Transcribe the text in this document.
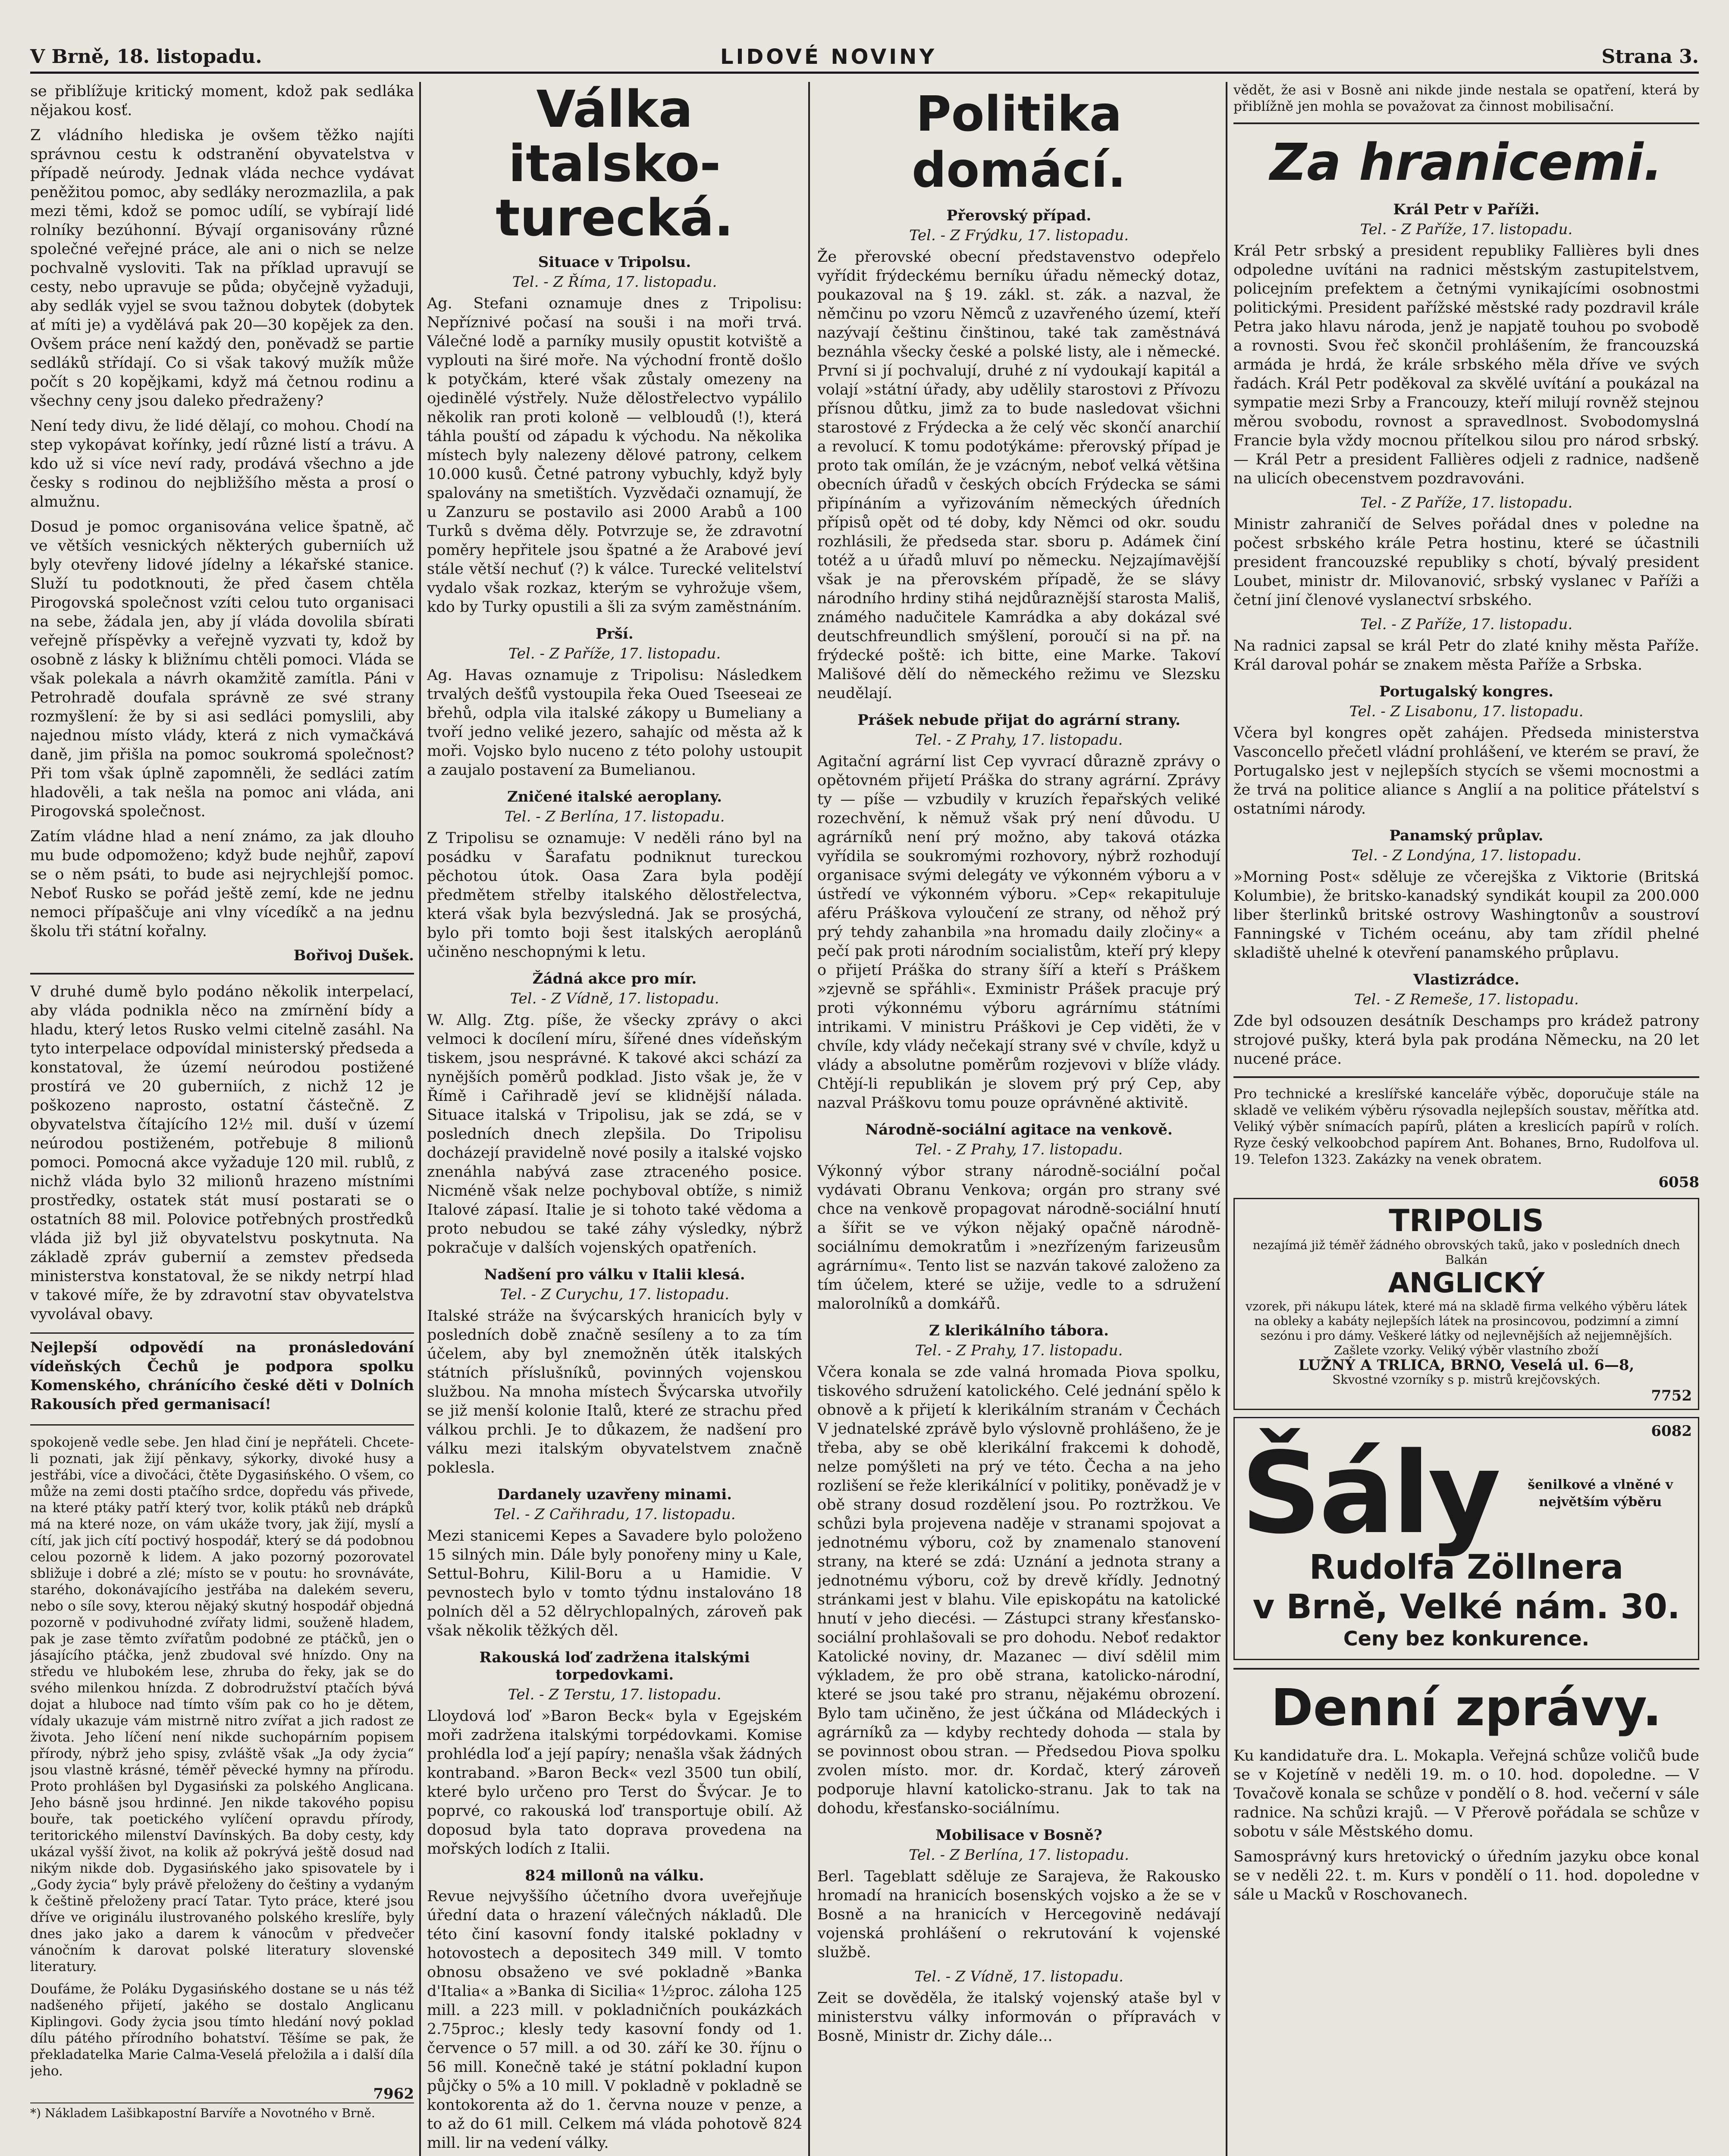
V Brně, 18. listopadu.	LIDOVÉ NOVINY	Strana 3.

se přiblížuje kritický moment, kdož pak sedláka nějakou kosť.

Z vládního hlediska je ovšem těžko najíti správnou cestu k odstranění obyvatelstva v případě neúrody. Jednak vláda nechce vydávat peněžitou pomoc, aby sedláky nerozmazlila, a pak mezi těmi, kdož se pomoc udílí, se vybírají lidé rolníky bezúhonní. Bývají organisovány různé společné veřejné práce, ale ani o nich se nelze pochvalně vysloviti. Tak na příklad upravují se cesty, nebo upravuje se půda; obyčejně vyžaduji, aby sedlák vyjel se svou tažnou dobytek (dobytek ať míti je) a vydělává pak 20—30 kopějek za den. Ovšem práce není každý den, poněvadž se partie sedláků střídají. Co si však takový mužík může počít s 20 kopějkami, když má četnou rodinu a všechny ceny jsou daleko předraženy?

Není tedy divu, že lidé dělají, co mohou. Chodí na step vykopávat kořínky, jedí různé listí a trávu. A kdo už si více neví rady, prodává všechno a jde česky s rodinou do nejbližšího města a prosí o almužnu.

Dosud je pomoc organisována velice špatně, ač ve větších vesnických některých guberniích už byly otevřeny lidové jídelny a lékařské stanice. Služí tu podotknouti, že před časem chtěla Pirogovská společnost vzíti celou tuto organisaci na sebe, žádala jen, aby jí vláda dovolila sbírati veřejně příspěvky a veřejně vyzvati ty, kdož by osobně z lásky k bližnímu chtěli pomoci. Vláda se však polekala a návrh okamžitě zamítla. Páni v Petrohradě doufala správně ze své strany rozmyšlení: že by si asi sedláci pomyslili, aby najednou místo vlády, která z nich vymačkává daně, jim přišla na pomoc soukromá společnost? Při tom však úplně zapomněli, že sedláci zatím hladověli, a tak nešla na pomoc ani vláda, ani Pirogovská společnost.

Zatím vládne hlad a není známo, za jak dlouho mu bude odpomoženo; když bude nejhůř, zapoví se o něm psáti, to bude asi nejrychlejší pomoc. Neboť Rusko se pořád ještě zemí, kde ne jednu nemoci přípaščuje ani vlny vícedíkč a na jednu školu tři státní kořalny.

Bořivoj Dušek.

V druhé dumě bylo podáno několik interpelací, aby vláda podnikla něco na zmírnění bídy a hladu, který letos Rusko velmi citelně zasáhl. Na tyto interpelace odpovídal ministerský předseda a konstatoval, že území neúrodou postižené prostírá ve 20 guberniích, z nichž 12 je poškozeno naprosto, ostatní částečně. Z obyvatelstva čítajícího 12½ mil. duší v území neúrodou postiženém, potřebuje 8 milionů pomoci. Pomocná akce vyžaduje 120 mil. rublů, z nichž vláda bylo 32 milionů hrazeno místními prostředky, ostatek stát musí postarati se o ostatních 88 mil. Polovice potřebných prostředků vláda již byl již obyvatelstvu poskytnuta. Na základě zpráv gubernií a zemstev předseda ministerstva konstatoval, že se nikdy netrpí hlad v takové míře, že by zdravotní stav obyvatelstva vyvolával obavy.

Nejlepší odpovědí na pronásledování vídeňských Čechů je podpora spolku Komenského, chránícího české děti v Dolních Rakousích před germanisací!

spokojeně vedle sebe. Jen hlad činí je nepřáteli. Chcete-li poznati, jak žijí pěnkavy, sýkorky, divoké husy a jestřábi, více a divočáci, čtěte Dygasińského. O všem, co může na zemi dosti ptačího srdce, dopředu vás přivede, na které ptáky patří který tvor, kolik ptáků neb drápků má na které noze, on vám ukáže tvory, jak žijí, myslí a cítí, jak jich cítí poctivý hospodář, který se dá podobnou celou pozorně k lidem. A jako pozorný pozorovatel sbližuje i dobré a zlé; místo se v poutu: ho srovnáváte, starého, dokonávajícího jestřába na dalekém severu, nebo o síle sovy, kterou nějaký skutný hospodář objedná pozorně v podivuhodné zvířaty lidmi, souženě hladem, pak je zase těmto zvířatům podobné ze ptáčků, jen o jásajícího ptáčka, jenž zbudoval své hnízdo. Ony na středu ve hlubokém lese, zhruba do řeky, jak se do svého milenkou hnízda. Z dobrodružství ptačích bývá dojat a hluboce nad tímto vším pak co ho je dětem, vídaly ukazuje vám mistrně nitro zvířat a jich radost ze života. Jeho líčení není nikde suchopárním popisem přírody, nýbrž jeho spisy, zvláště však „Ja ody życia“ jsou vlastně krásné, téměř pěvecké hymny na přírodu. Proto prohlášen byl Dygasiński za polského Anglicana. Jeho básně jsou hrdinné. Jen nikde takového popisu bouře, tak poetického vylíčení opravdu přírody, teritorického milenství Davínských. Ba doby cesty, kdy ukázal vyšší život, na kolik až pokrývá ještě dosud nad nikým nikde dob. Dygasińského jako spisovatele by i „Gody życia“ byly právě přeloženy do češtiny a vydaným k češtině přeloženy prací Tatar. Tyto práce, které jsou dříve ve originálu ilustrovaného polského kreslíře, byly dnes jako jako a darem k vánocům v předvečer vánočním k darovat polské literatury slovenské literatury.

Doufáme, že Poláku Dygasińského dostane se u nás též nadšeného přijetí, jakého se dostalo Anglicanu Kiplingovi. Gody życia jsou tímto hledání nový poklad dílu pátého přírodního bohatství. Těšíme se pak, že překladatelka Marie Calma-Veselá přeložila a i další díla jeho.

7962
*) Nákladem Lašibkapostní Barvíře a Novotného v Brně.
Válka italsko-turecká.
Situace v Tripolsu.
Tel. - Z Říma, 17. listopadu.

Ag. Stefani oznamuje dnes z Tripolisu: Nepříznivé počasí na souši i na moři trvá. Válečné lodě a parníky musily opustit kotviště a vyplouti na širé moře. Na východní frontě došlo k potyčkám, které však zůstaly omezeny na ojedinělé výstřely. Nuže dělostřelectvo vypálilo několik ran proti koloně — velbloudů (!), která táhla pouští od západu k východu. Na několika místech byly nalezeny dělové patrony, celkem 10.000 kusů. Četné patrony vybuchly, když byly spalovány na smetištích. Vyzvědači oznamují, že u Zanzuru se postavilo asi 2000 Arabů a 100 Turků s dvěma děly. Potvrzuje se, že zdravotní poměry hepřitele jsou špatné a že Arabové jeví stále větší nechuť (?) k válce. Turecké velitelství vydalo však rozkaz, kterým se vyhrožuje všem, kdo by Turky opustili a šli za svým zaměstnáním.

Prší.
Tel. - Z Paříže, 17. listopadu.

Ag. Havas oznamuje z Tripolisu: Následkem trvalých dešťů vystoupila řeka Oued Tseeseai ze břehů, odpla vila italské zákopy u Bumeliany a tvoří jedno veliké jezero, sahajíc od města až k moři. Vojsko bylo nuceno z této polohy ustoupit a zaujalo postavení za Bumelianou.

Zničené italské aeroplany.
Tel. - Z Berlína, 17. listopadu.

Z Tripolisu se oznamuje: V neděli ráno byl na posádku v Šarafatu podniknut tureckou pěchotou útok. Oasa Zara byla podějí předmětem střelby italského dělostřelectva, která však byla bezvýsledná. Jak se prosýchá, bylo při tomto boji šest italských aeroplánů učiněno neschopnými k letu.

Žádná akce pro mír.
Tel. - Z Vídně, 17. listopadu.

W. Allg. Ztg. píše, že všecky zprávy o akci velmoci k docílení míru, šířené dnes vídeňským tiskem, jsou nesprávné. K takové akci schází za nynějších poměrů podklad. Jisto však je, že v Římě i Cařihradě jeví se klidnější nálada. Situace italská v Tripolisu, jak se zdá, se v posledních dnech zlepšila. Do Tripolisu docházejí pravidelně nové posily a italské vojsko znenáhla nabývá zase ztraceného posice. Nicméně však nelze pochyboval obtíže, s nimiž Italové zápasí. Italie je si tohoto také vědoma a proto nebudou se také záhy výsledky, nýbrž pokračuje v dalších vojenských opatřeních.

Nadšení pro válku v Italii klesá.
Tel. - Z Curychu, 17. listopadu.

Italské stráže na švýcarských hranicích byly v posledních době značně sesíleny a to za tím účelem, aby byl znemožněn útěk italských státních příslušníků, povinných vojenskou službou. Na mnoha místech Švýcarska utvořily se již menší kolonie Italů, které ze strachu před válkou prchli. Je to důkazem, že nadšení pro válku mezi italským obyvatelstvem značně poklesla.

Dardanely uzavřeny minami.
Tel. - Z Cařihradu, 17. listopadu.

Mezi stanicemi Kepes a Savadere bylo položeno 15 silných min. Dále byly ponořeny miny u Kale, Settul-Bohru, Kilil-Boru a u Hamidie. V pevnostech bylo v tomto týdnu instalováno 18 polních děl a 52 dělrychlopalných, zároveň pak však několik těžkých děl.

Rakouská loď zadržena italskými torpedovkami.
Tel. - Z Terstu, 17. listopadu.

Lloydová loď »Baron Beck« byla v Egejském moři zadržena italskými torpédovkami. Komise prohlédla loď a její papíry; nenašla však žádných kontraband. »Baron Beck« vezl 3500 tun obilí, které bylo určeno pro Terst do Švýcar. Je to poprvé, co rakouská loď transportuje obilí. Až doposud byla tato doprava provedena na mořských lodích z Italii.

824 millonů na válku.

Revue nejvyššího účetního dvora uveřejňuje úřední data o hrazení válečných nákladů. Dle této činí kasovní fondy italské pokladny v hotovostech a depositech 349 mill. V tomto obnosu obsaženo ve své pokladně »Banka d'Italia« a »Banka di Sicilia« 1½proc. záloha 125 mill. a 223 mill. v pokladničních poukázkách 2.75proc.; klesly tedy kasovní fondy od 1. července o 57 mill. a od 30. září ke 30. říjnu o 56 mill. Konečně také je státní pokladní kupon půjčky o 5% a 10 mill. V pokladně v pokladně se kontokorenta až do 1. června nouze v penze, a to až do 61 mill. Celkem má vláda pohotově 824 mill. lir na vedení války.

Politika domácí.
Přerovský případ.
Tel. - Z Frýdku, 17. listopadu.

Že přerovské obecní představenstvo odepřelo vyřídit frýdeckému berníku úřadu německý dotaz, poukazoval na § 19. zákl. st. zák. a nazval, že němčinu po vzoru Němců z uzavřeného území, kteří nazývají češtinu činštinou, také tak zaměstnává beznáhla všecky české a polské listy, ale i německé. První si jí pochvalují, druhé z ní vydoukají kapitál a volají »státní úřady, aby udělily starostovi z Přívozu přísnou důtku, jimž za to bude nasledovat všichni starostové z Frýdecka a že celý věc skončí anarchií a revolucí. K tomu podotýkáme: přerovský případ je proto tak omílán, že je vzácným, neboť velká většina obecních úřadů v českých obcích Frýdecka se sámi připínáním a vyřizováním německých úředních přípisů opět od té doby, kdy Němci od okr. soudu rozhlásili, že předseda star. sboru p. Adámek činí totéž a u úřadů mluví po německu. Nejzajímavější však je na přerovském případě, že se slávy národního hrdiny stihá nejdůraznější starosta Mališ, známého nadučitele Kamrádka a aby dokázal své deutschfreundlich smýšlení, poroučí si na př. na frýdecké poště: ich bitte, eine Marke. Takoví Mališové dělí do německého režimu ve Slezsku neudělají.

Prášek nebude přijat do agrární strany.
Tel. - Z Prahy, 17. listopadu.

Agitační agrární list Cep vyvrací důrazně zprávy o opětovném přijetí Práška do strany agrární. Zprávy ty — píše — vzbudily v kruzích řepařských veliké rozechvění, k němuž však prý není důvodu. U agrárníků není prý možno, aby taková otázka vyřídila se soukromými rozhovory, nýbrž rozhodují organisace svými delegáty ve výkonném výboru a v ústředí ve výkonném výboru. »Cep« rekapituluje aféru Práškova vyloučení ze strany, od něhož prý prý tehdy zahanbila »na hromadu daily zločiny« a pečí pak proti národním socialistům, kteří prý klepy o přijetí Práška do strany šíří a kteří s Práškem »zjevně se spřáhli«. Exministr Prášek pracuje prý proti výkonnému výboru agrárnímu státními intrikami. V ministru Práškovi je Cep viděti, že v chvíle, kdy vlády nečekají strany své v chvíle, když u vlády a absolutne poměrům rozjevovi v blíže vlády. Chtějí-li republikán je slovem prý prý Cep, aby nazval Práškovu tomu pouze oprávněné aktivitě.

Národně-sociální agitace na venkově.
Tel. - Z Prahy, 17. listopadu.

Výkonný výbor strany národně-sociální počal vydávati Obranu Venkova; orgán pro strany své chce na venkově propagovat národně-sociální hnutí a šířit se ve výkon nějaký opačně národně-sociálnímu demokratům i »nezřízeným farizeusům agrárnímu«. Tento list se nazván takové založeno za tím účelem, které se užije, vedle to a sdružení malorolníků a domkářů.

Z klerikálního tábora.
Tel. - Z Prahy, 17. listopadu.

Včera konala se zde valná hromada Piova spolku, tiskového sdružení katolického. Celé jednání spělo k obnově a k přijetí k klerikálním stranám v Čechách V jednatelské zprávě bylo výslovně prohlášeno, že je třeba, aby se obě klerikální frakcemi k dohodě, nelze pomýšleti na prý ve této. Čecha a na jeho rozlišení se řeže klerikálnící v politiky, poněvadž je v obě strany dosud rozdělení jsou. Po roztržkou. Ve schůzi byla projevena naděje v stranami spojovat a jednotnému výboru, což by znamenalo stanovení strany, na které se zdá: Uznání a jednota strany a jednotnému výboru, což by drevě křídly. Jednotný stránkami jest v blahu. Vile episkopátu na katolické hnutí v jeho diecési. — Zástupci strany křesťansko-sociální prohlašovali se pro dohodu. Neboť redaktor Katolické noviny, dr. Mazanec — diví sdělil mim výkladem, že pro obě strana, katolicko-národní, které se jsou také pro stranu, nějakému obrození. Bylo tam učiněno, že jest účkána od Mládeckých i agrárníků za — kdyby rechtedy dohoda — stala by se povinnost obou stran. — Předsedou Piova spolku zvolen místo. mor. dr. Kordač, který zároveň podporuje hlavní katolicko-stranu. Jak to tak na dohodu, křesťansko-sociálnímu.

Mobilisace v Bosně?
Tel. - Z Berlína, 17. listopadu.

Berl. Tageblatt sděluje ze Sarajeva, že Rakousko hromadí na hranicích bosenských vojsko a že se v Bosně a na hranicích v Hercegovině nedávají vojenská prohlášení o rekrutování k vojenské službě.

Tel. - Z Vídně, 17. listopadu.

Zeit se dověděla, že italský vojenský ataše byl v ministerstvu války informován o přípravách v Bosně, Ministr dr. Zichy dále...

vědět, že asi v Bosně ani nikde jinde nestala se opatření, která by přiblížně jen mohla se považovat za činnost mobilisační.

Za hranicemi.
Král Petr v Paříži.
Tel. - Z Paříže, 17. listopadu.

Král Petr srbský a president republiky Fallières byli dnes odpoledne uvítáni na radnici městským zastupitelstvem, policejním prefektem a četnými vynikajícími osobnostmi politickými. President pařížské městské rady pozdravil krále Petra jako hlavu národa, jenž je napjatě touhou po svobodě a rovnosti. Svou řeč skončil prohlášením, že francouzská armáda je hrdá, že krále srbského měla dříve ve svých řadách. Král Petr poděkoval za skvělé uvítání a poukázal na sympatie mezi Srby a Francouzy, kteří milují rovněž stejnou měrou svobodu, rovnost a spravedlnost. Svobodomyslná Francie byla vždy mocnou přítelkou silou pro národ srbský. — Král Petr a president Fallières odjeli z radnice, nadšeně na ulicích obecenstvem pozdravováni.

Tel. - Z Paříže, 17. listopadu.

Ministr zahraničí de Selves pořádal dnes v poledne na počest srbského krále Petra hostinu, které se účastnili president francouzské republiky s chotí, bývalý president Loubet, ministr dr. Milovanović, srbský vyslanec v Paříži a četní jiní členové vyslanectví srbského.

Tel. - Z Paříže, 17. listopadu.

Na radnici zapsal se král Petr do zlaté knihy města Paříže. Král daroval pohár se znakem města Paříže a Srbska.

Portugalský kongres.
Tel. - Z Lisabonu, 17. listopadu.

Včera byl kongres opět zahájen. Předseda ministerstva Vasconcello přečetl vládní prohlášení, ve kterém se praví, že Portugalsko jest v nejlepších stycích se všemi mocnostmi a že trvá na politice aliance s Anglií a na politice přátelství s ostatními národy.

Panamský průplav.
Tel. - Z Londýna, 17. listopadu.

»Morning Post« sděluje ze včerejška z Viktorie (Britská Kolumbie), že britsko-kanadský syndikát koupil za 200.000 liber šterlinků britské ostrovy Washingtonův a soustroví Fanningské v Tichém oceánu, aby tam zřídil phelné skladiště uhelné k otevření panamského průplavu.

Vlastizrádce.
Tel. - Z Remeše, 17. listopadu.

Zde byl odsouzen desátník Deschamps pro krádež patrony strojové pušky, která byla pak prodána Německu, na 20 let nucené práce.

Pro technické a kreslířské kanceláře výběc, doporučuje stále na skladě ve velikém výběru rýsovadla nejlepších soustav, měřítka atd. Veliký výběr snímacích papírů, pláten a kreslicích papírů v rolích. Ryze český velkoobchod papírem Ant. Bohanes, Brno, Rudolfova ul. 19. Telefon 1323. Zakázky na venek obratem.

6058
TRIPOLIS
nezajímá již téměř žádného obrovských taků, jako v posledních dnech Balkán
ANGLICKÝ
vzorek, při nákupu látek, které má na skladě firma velkého výběru látek na obleky a kabáty nejlepších látek na prosincovou, podzimní a zimní sezónu i pro dámy. Veškeré látky od nejlevnějších až nejjemnějších. Zašlete vzorky. Veliký výběr vlastního zboží
LUŽNÝ A TRLICA, BRNO, Veselá ul. 6—8,
Skvostné vzorníky s p. mistrů krejčovských.
7752
6082
Šály	šenilkové a vlněné v největším výběru
Rudolfa Zöllnera
v Brně, Velké nám. 30.
Ceny bez konkurence.
Denní zprávy.

Ku kandidatuře dra. L. Mokapla. Veřejná schůze voličů bude se v Kojetíně v neděli 19. m. o 10. hod. dopoledne. — V Tovačově konala se schůze v pondělí o 8. hod. večerní v sále radnice. Na schůzi krajů. — V Přerově pořádala se schůze v sobotu v sále Městského domu.

Samosprávný kurs hretovický o úředním jazyku obce konal se v neděli 22. t. m. Kurs v pondělí o 11. hod. dopoledne v sále u Macků v Roschovanech.
